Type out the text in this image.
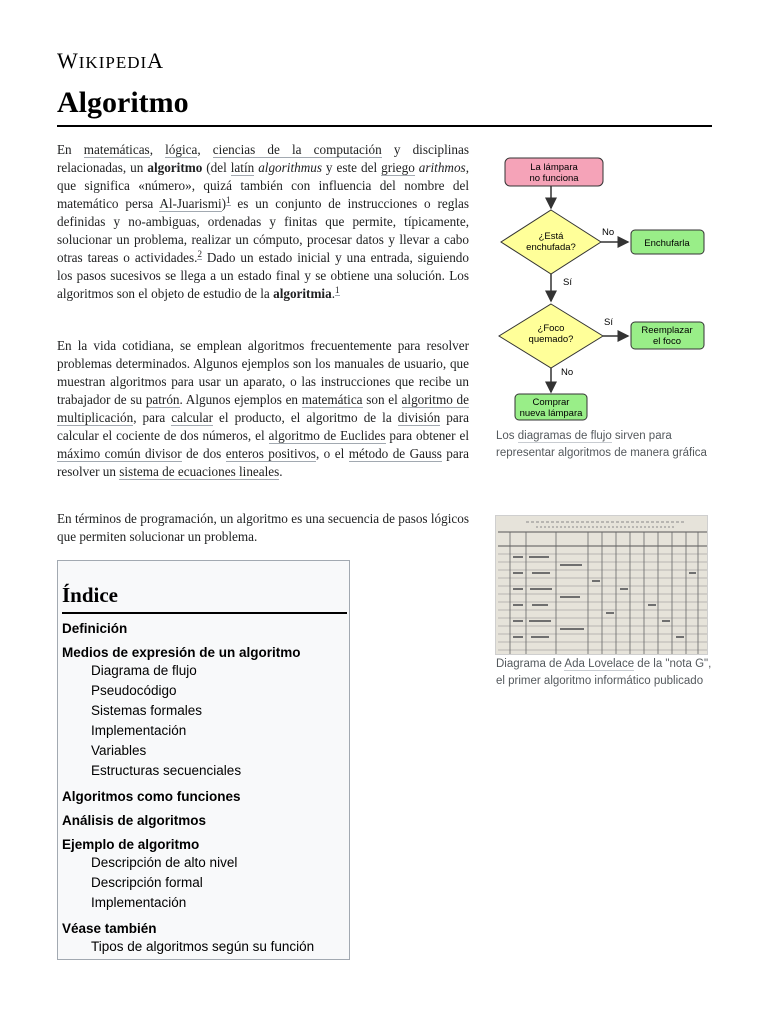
WIKIPEDIA
Algoritmo

En matemáticas, lógica, ciencias de la computación y disciplinas relacionadas, un algoritmo (del latín algorithmus y este del griego arithmos, que significa «número», quizá también con influencia del nombre del matemático persa Al-Juarismi)$^1$ es un conjunto de instrucciones o reglas definidas y no-ambiguas, ordenadas y finitas que permite, típicamente, solucionar un problema, realizar un cómputo, procesar datos y llevar a cabo otras tareas o actividades.$^2$ Dado un estado inicial y una entrada, siguiendo los pasos sucesivos se llega a un estado final y se obtiene una solución. Los algoritmos son el objeto de estudio de la algoritmia.$^1$

En la vida cotidiana, se emplean algoritmos frecuentemente para resolver problemas determinados. Algunos ejemplos son los manuales de usuario, que muestran algoritmos para usar un aparato, o las instrucciones que recibe un trabajador de su patrón. Algunos ejemplos en matemática son el algoritmo de multiplicación, para calcular el producto, el algoritmo de la división para calcular el cociente de dos números, el algoritmo de Euclides para obtener el máximo común divisor de dos enteros positivos, o el método de Gauss para resolver un sistema de ecuaciones lineales.

En términos de programación, un algoritmo es una secuencia de pasos lógicos que permiten solucionar un problema.

Índice
Definición
Medios de expresión de un algoritmo
Diagrama de flujo
Pseudocódigo
Sistemas formales
Implementación
Variables
Estructuras secuenciales
Algoritmos como funciones
Análisis de algoritmos
Ejemplo de algoritmo
Descripción de alto nivel
Descripción formal
Implementación
Véase también
Tipos de algoritmos según su función
La lámpara
no funciona
¿Está
enchufada?
No
Enchufarla
Sí
¿Foco
quemado?
Sí
Reemplazar
el foco
No
Comprar
nueva lámpara
Los diagramas de flujo sirven para representar algoritmos de manera gráfica
Diagrama de Ada Lovelace de la "nota G", el primer algoritmo informático publicado
